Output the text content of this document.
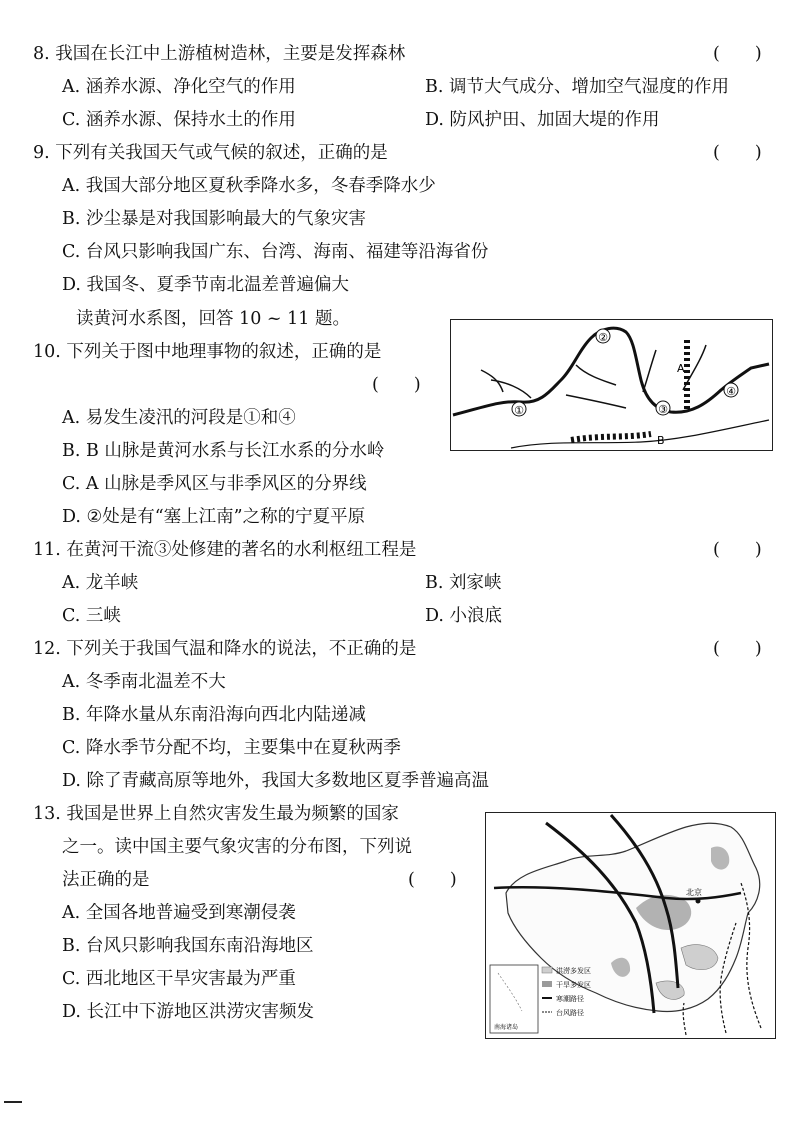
8. 我国在长江中上游植树造林，主要是发挥森林	(　　)
A. 涵养水源、净化空气的作用	B. 调节大气成分、增加空气湿度的作用
C. 涵养水源、保持水土的作用	D. 防风护田、加固大堤的作用
9. 下列有关我国天气或气候的叙述，正确的是	(　　)
A. 我国大部分地区夏秋季降水多，冬春季降水少
B. 沙尘暴是对我国影响最大的气象灾害
C. 台风只影响我国广东、台湾、海南、福建等沿海省份
D. 我国冬、夏季节南北温差普遍偏大
读黄河水系图，回答 10 ~ 11 题。
10. 下列关于图中地理事物的叙述，正确的是
(　　)
A. 易发生凌汛的河段是①和④
B. B 山脉是黄河水系与长江水系的分水岭
C. A 山脉是季风区与非季风区的分界线
D. ②处是有“塞上江南”之称的宁夏平原
①
②
③
④
A
B
11. 在黄河干流③处修建的著名的水利枢纽工程是	(　　)
A. 龙羊峡	B. 刘家峡
C. 三峡	D. 小浪底
12. 下列关于我国气温和降水的说法，不正确的是	(　　)
A. 冬季南北温差不大
B. 年降水量从东南沿海向西北内陆递减
C. 降水季节分配不均，主要集中在夏秋两季
D. 除了青藏高原等地外，我国大多数地区夏季普遍高温
13. 我国是世界上自然灾害发生最为频繁的国家
之一。读中国主要气象灾害的分布图，下列说
法正确的是	(　　)
A. 全国各地普遍受到寒潮侵袭
B. 台风只影响我国东南沿海地区
C. 西北地区干旱灾害最为严重
D. 长江中下游地区洪涝灾害频发
北京
南海诸岛
洪涝多发区
干旱多发区
寒潮路径
台风路径
